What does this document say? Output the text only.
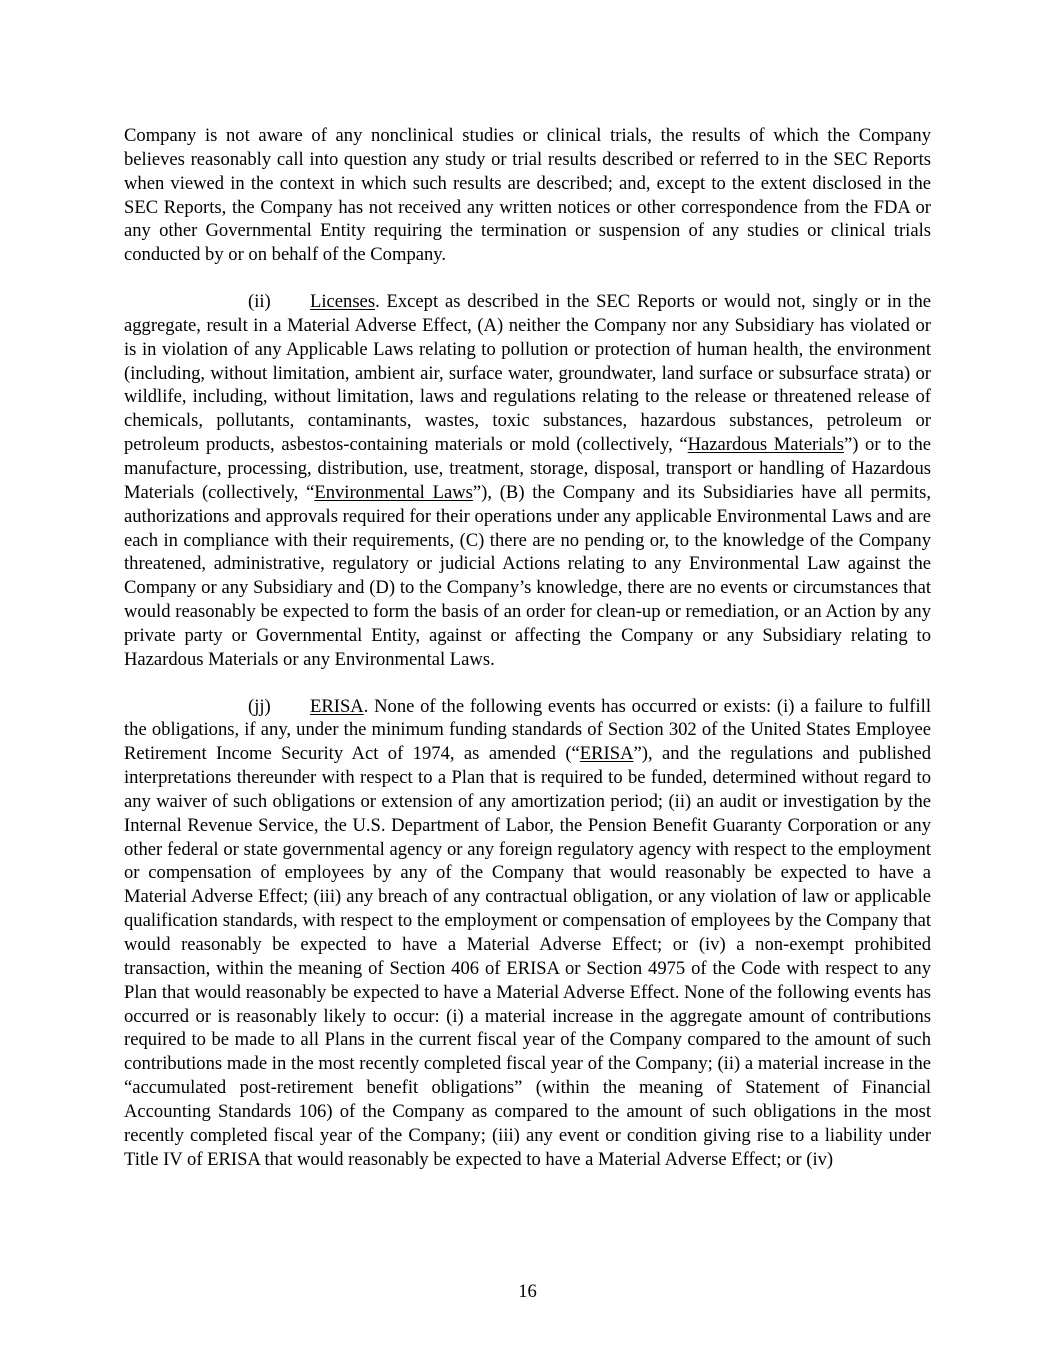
Company is not aware of any nonclinical studies or clinical trials, the results of which the Company believes reasonably call into question any study or trial results described or referred to in the SEC Reports when viewed in the context in which such results are described; and, except to the extent disclosed in the SEC Reports, the Company has not received any written notices or other correspondence from the FDA or any other Governmental Entity requiring the termination or suspension of any studies or clinical trials conducted by or on behalf of the Company.

(ii) Licenses. Except as described in the SEC Reports or would not, singly or in the aggregate, result in a Material Adverse Effect, (A) neither the Company nor any Subsidiary has violated or is in violation of any Applicable Laws relating to pollution or protection of human health, the environment (including, without limitation, ambient air, surface water, groundwater, land surface or subsurface strata) or wildlife, including, without limitation, laws and regulations relating to the release or threatened release of chemicals, pollutants, contaminants, wastes, toxic substances, hazardous substances, petroleum or petroleum products, asbestos-containing materials or mold (collectively, “Hazardous Materials”) or to the manufacture, processing, distribution, use, treatment, storage, disposal, transport or handling of Hazardous Materials (collectively, “Environmental Laws”), (B) the Company and its Subsidiaries have all permits, authorizations and approvals required for their operations under any applicable Environmental Laws and are each in compliance with their requirements, (C) there are no pending or, to the knowledge of the Company threatened, administrative, regulatory or judicial Actions relating to any Environmental Law against the Company or any Subsidiary and (D) to the Company’s knowledge, there are no events or circumstances that would reasonably be expected to form the basis of an order for clean-up or remediation, or an Action by any private party or Governmental Entity, against or affecting the Company or any Subsidiary relating to Hazardous Materials or any Environmental Laws.

(jj) ERISA. None of the following events has occurred or exists: (i) a failure to fulfill the obligations, if any, under the minimum funding standards of Section 302 of the United States Employee Retirement Income Security Act of 1974, as amended (“ERISA”), and the regulations and published interpretations thereunder with respect to a Plan that is required to be funded, determined without regard to any waiver of such obligations or extension of any amortization period; (ii) an audit or investigation by the Internal Revenue Service, the U.S. Department of Labor, the Pension Benefit Guaranty Corporation or any other federal or state governmental agency or any foreign regulatory agency with respect to the employment or compensation of employees by any of the Company that would reasonably be expected to have a Material Adverse Effect; (iii) any breach of any contractual obligation, or any violation of law or applicable qualification standards, with respect to the employment or compensation of employees by the Company that would reasonably be expected to have a Material Adverse Effect; or (iv) a non-exempt prohibited transaction, within the meaning of Section 406 of ERISA or Section 4975 of the Code with respect to any Plan that would reasonably be expected to have a Material Adverse Effect. None of the following events has occurred or is reasonably likely to occur: (i) a material increase in the aggregate amount of contributions required to be made to all Plans in the current fiscal year of the Company compared to the amount of such contributions made in the most recently completed fiscal year of the Company; (ii) a material increase in the “accumulated post-retirement benefit obligations” (within the meaning of Statement of Financial Accounting Standards 106) of the Company as compared to the amount of such obligations in the most recently completed fiscal year of the Company; (iii) any event or condition giving rise to a liability under Title IV of ERISA that would reasonably be expected to have a Material Adverse Effect; or (iv)

16
